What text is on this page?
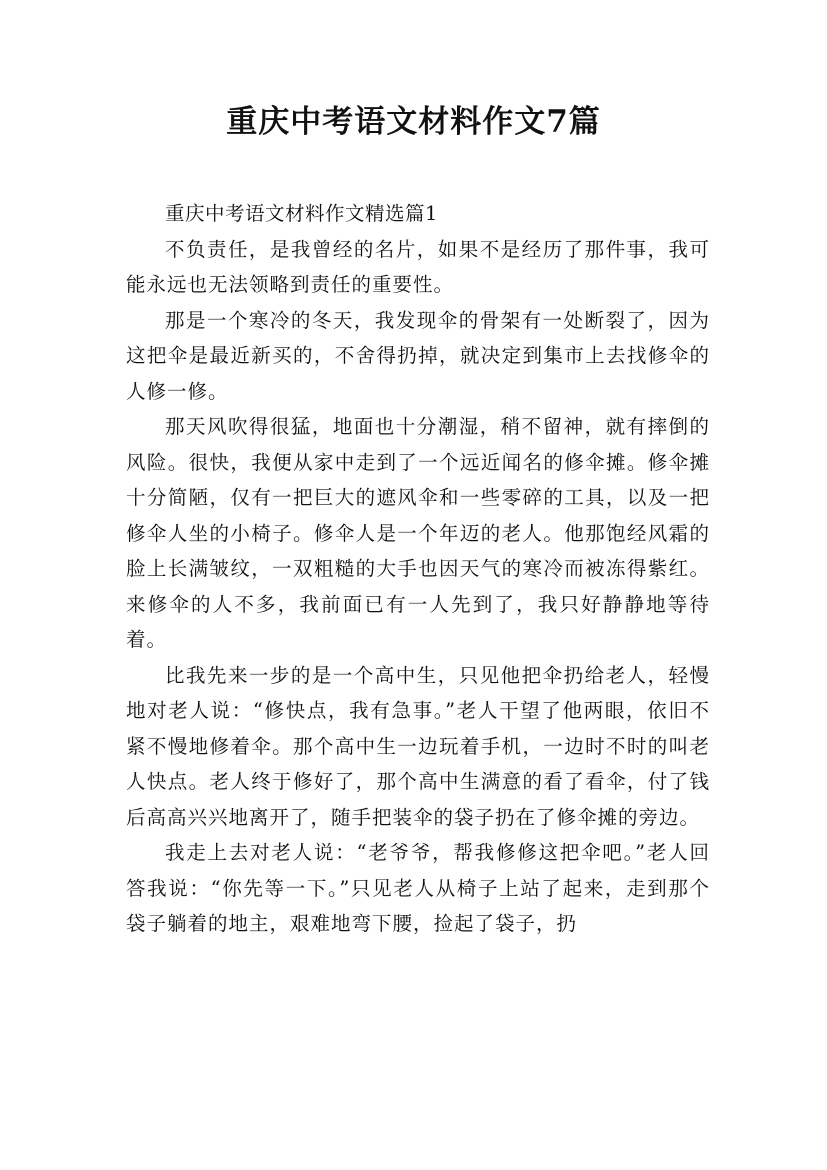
重庆中考语文材料作文7篇

重庆中考语文材料作文精选篇1

不负责任，是我曾经的名片，如果不是经历了那件事，我可能永远也无法领略到责任的重要性。

那是一个寒冷的冬天，我发现伞的骨架有一处断裂了，因为这把伞是最近新买的，不舍得扔掉，就决定到集市上去找修伞的人修一修。

那天风吹得很猛，地面也十分潮湿，稍不留神，就有摔倒的风险。很快，我便从家中走到了一个远近闻名的修伞摊。修伞摊十分简陋，仅有一把巨大的遮风伞和一些零碎的工具，以及一把修伞人坐的小椅子。修伞人是一个年迈的老人。他那饱经风霜的脸上长满皱纹，一双粗糙的大手也因天气的寒冷而被冻得紫红。来修伞的人不多，我前面已有一人先到了，我只好静静地等待着。

比我先来一步的是一个高中生，只见他把伞扔给老人，轻慢地对老人说：“修快点，我有急事。”老人干望了他两眼，依旧不紧不慢地修着伞。那个高中生一边玩着手机，一边时不时的叫老人快点。老人终于修好了，那个高中生满意的看了看伞，付了钱后高高兴兴地离开了，随手把装伞的袋子扔在了修伞摊的旁边。

我走上去对老人说：“老爷爷，帮我修修这把伞吧。”老人回答我说：“你先等一下。”只见老人从椅子上站了起来，走到那个袋子躺着的地主，艰难地弯下腰，捡起了袋子，扔
